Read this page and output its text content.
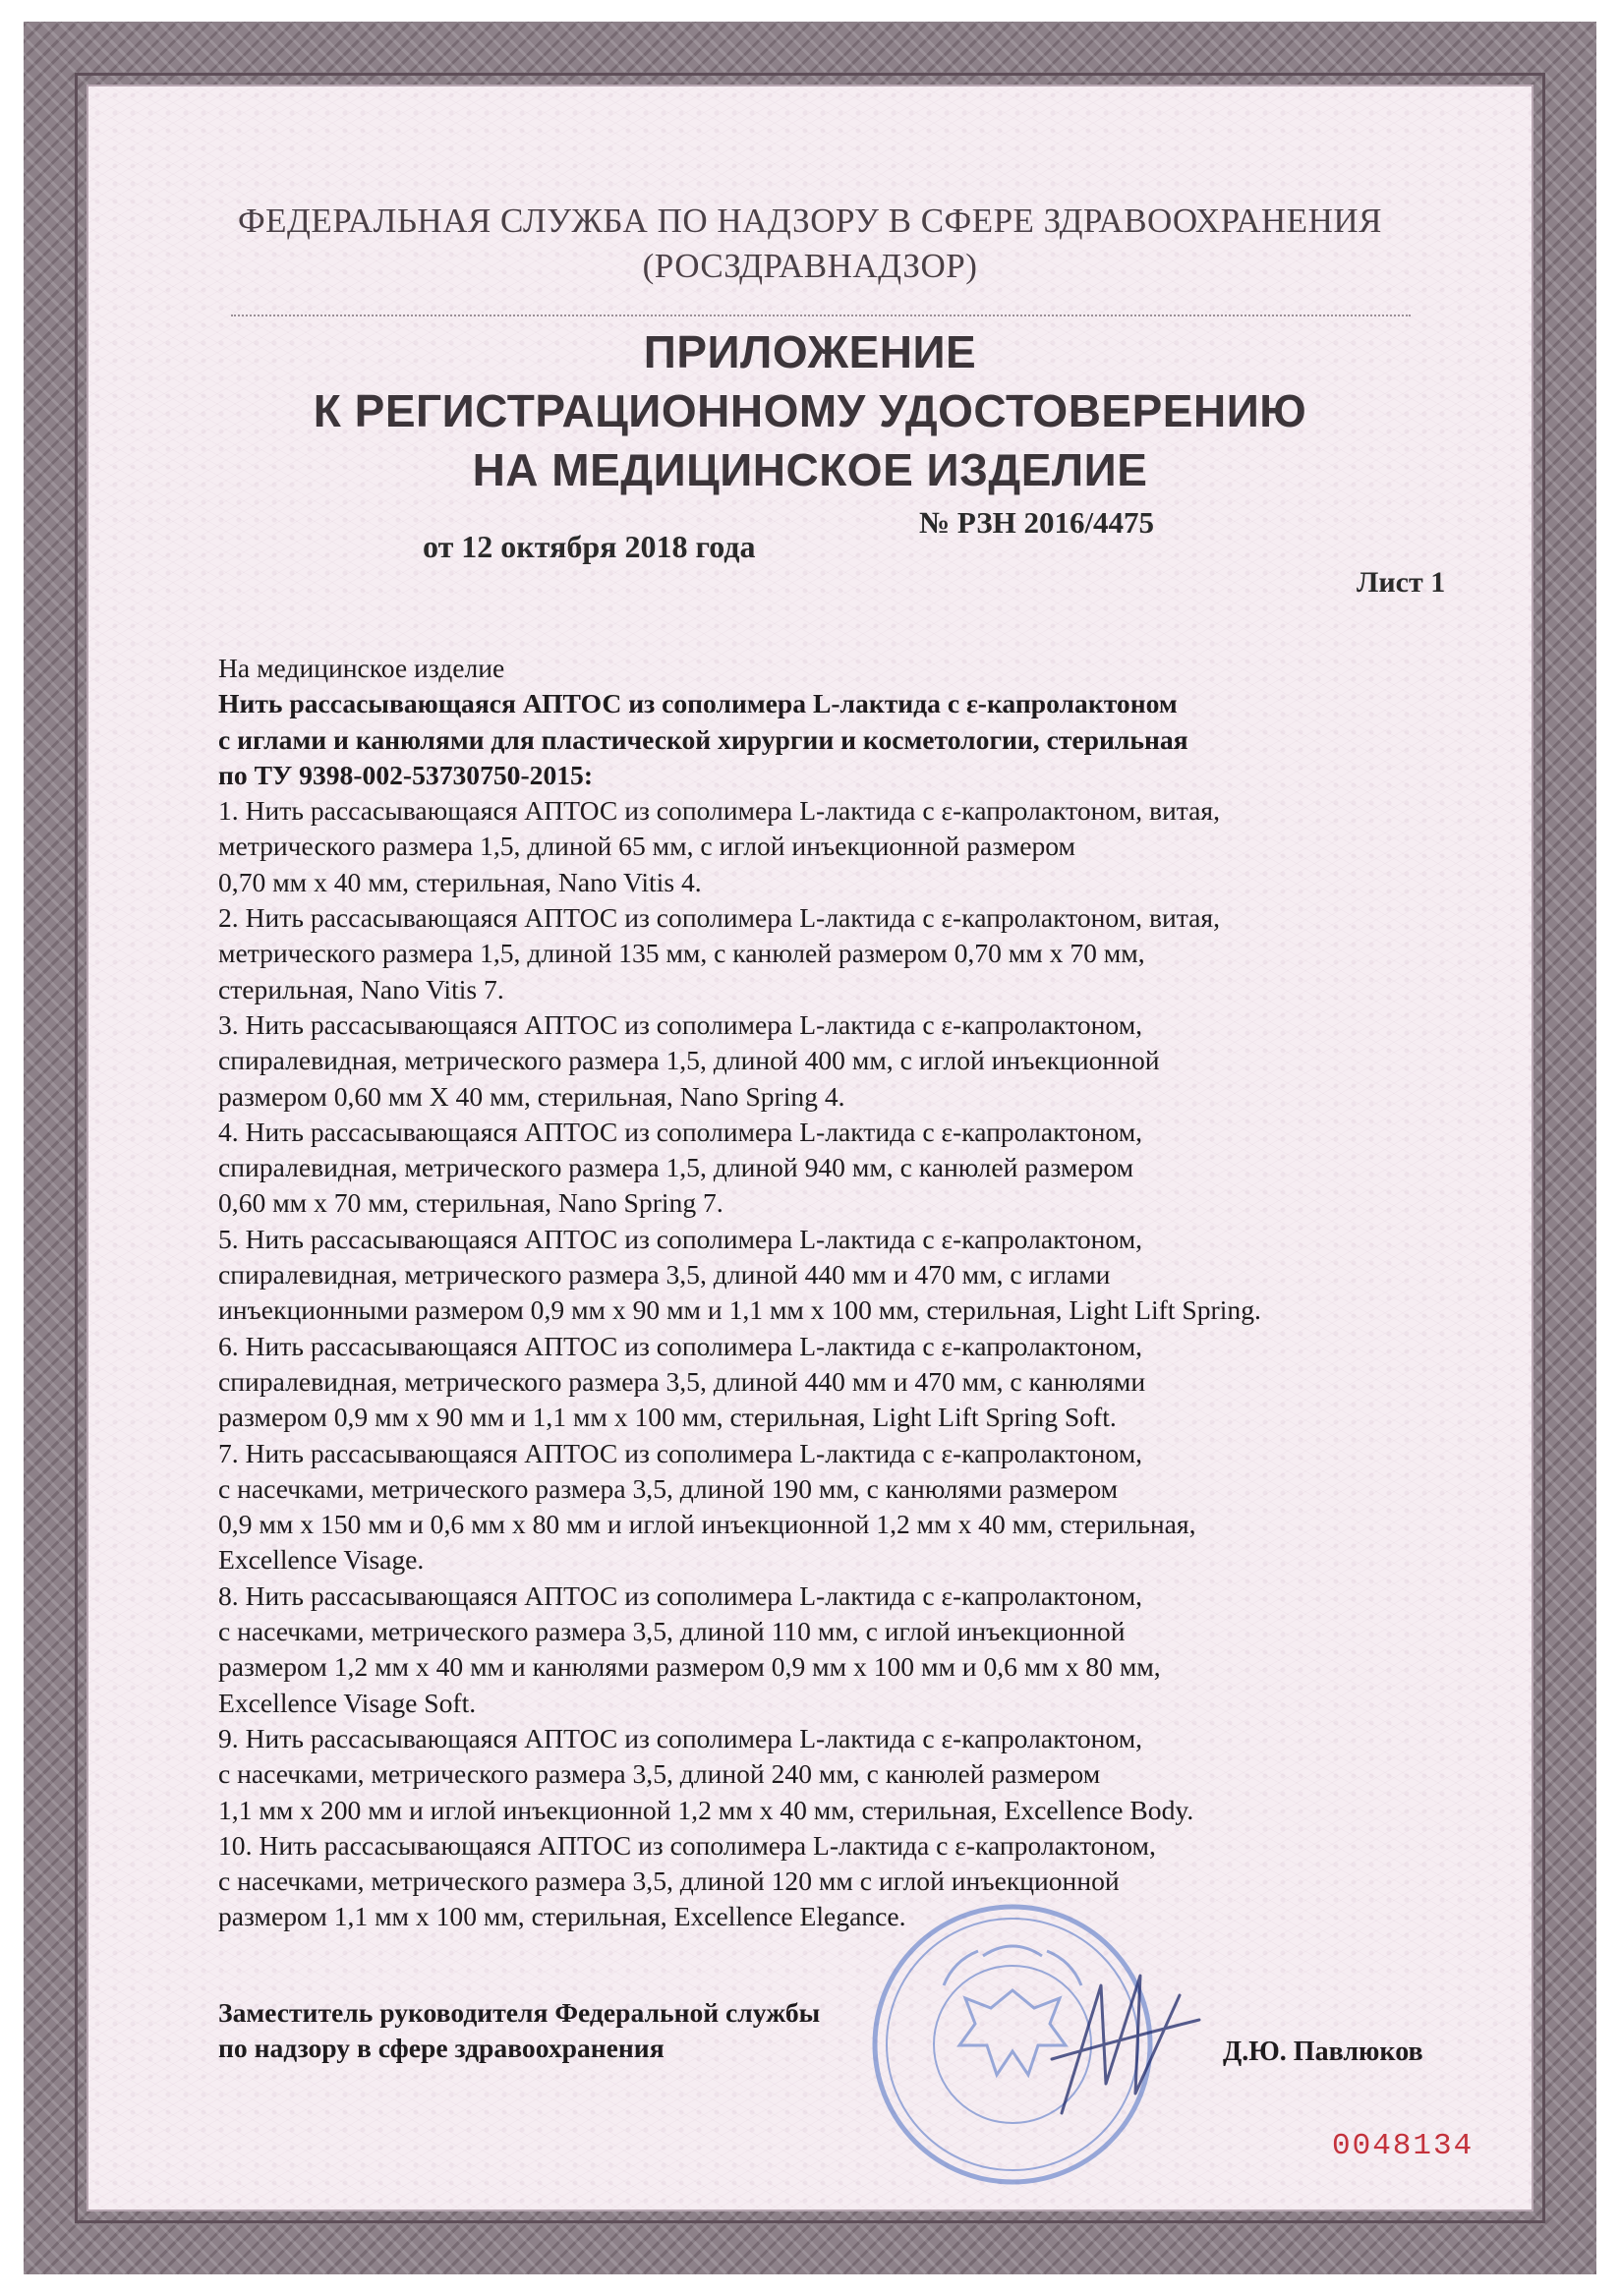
ФЕДЕРАЛЬНАЯ СЛУЖБА ПО НАДЗОРУ В СФЕРЕ ЗДРАВООХРАНЕНИЯ
(РОСЗДРАВНАДЗОР)
ПРИЛОЖЕНИЕ
К РЕГИСТРАЦИОННОМУ УДОСТОВЕРЕНИЮ
НА МЕДИЦИНСКОЕ ИЗДЕЛИЕ
№ РЗН 2016/4475
от 12 октября 2018 года
Лист 1
На медицинское изделие
Нить рассасывающаяся АПТОС из сополимера L-лактида с ε-капролактоном
с иглами и канюлями для пластической хирургии и косметологии, стерильная
по ТУ 9398-002-53730750-2015:
1. Нить рассасывающаяся АПТОС из сополимера L-лактида с ε-капролактоном, витая,
метрического размера 1,5, длиной 65 мм, с иглой инъекционной размером
0,70 мм х 40 мм, стерильная, Nano Vitis 4.
2. Нить рассасывающаяся АПТОС из сополимера L-лактида с ε-капролактоном, витая,
метрического размера 1,5, длиной 135 мм, с канюлей размером 0,70 мм х 70 мм,
стерильная, Nano Vitis 7.
3. Нить рассасывающаяся АПТОС из сополимера L-лактида с ε-капролактоном,
спиралевидная, метрического размера 1,5, длиной 400 мм, с иглой инъекционной
размером 0,60 мм Х 40 мм, стерильная, Nano Spring 4.
4. Нить рассасывающаяся АПТОС из сополимера L-лактида с ε-капролактоном,
спиралевидная, метрического размера 1,5, длиной 940 мм, с канюлей размером
0,60 мм х 70 мм, стерильная, Nano Spring 7.
5. Нить рассасывающаяся АПТОС из сополимера L-лактида с ε-капролактоном,
спиралевидная, метрического размера 3,5, длиной 440 мм и 470 мм, с иглами
инъекционными размером 0,9 мм х 90 мм и 1,1 мм х 100 мм, стерильная, Light Lift Spring.
6. Нить рассасывающаяся АПТОС из сополимера L-лактида с ε-капролактоном,
спиралевидная, метрического размера 3,5, длиной 440 мм и 470 мм, с канюлями
размером 0,9 мм х 90 мм и 1,1 мм х 100 мм, стерильная, Light Lift Spring Soft.
7. Нить рассасывающаяся АПТОС из сополимера L-лактида с ε-капролактоном,
с насечками, метрического размера 3,5, длиной 190 мм, с канюлями размером
0,9 мм х 150 мм и 0,6 мм х 80 мм и иглой инъекционной 1,2 мм х 40 мм, стерильная,
Excellence Visage.
8. Нить рассасывающаяся АПТОС из сополимера L-лактида с ε-капролактоном,
с насечками, метрического размера 3,5, длиной 110 мм, с иглой инъекционной
размером 1,2 мм х 40 мм и канюлями размером 0,9 мм х 100 мм и 0,6 мм х 80 мм,
Excellence Visage Soft.
9. Нить рассасывающаяся АПТОС из сополимера L-лактида с ε-капролактоном,
с насечками, метрического размера 3,5, длиной 240 мм, с канюлей размером
1,1 мм х 200 мм и иглой инъекционной 1,2 мм х 40 мм, стерильная, Excellence Body.
10. Нить рассасывающаяся АПТОС из сополимера L-лактида с ε-капролактоном,
с насечками, метрического размера 3,5, длиной 120 мм с иглой инъекционной
размером 1,1 мм х 100 мм, стерильная, Excellence Elegance.
Заместитель руководителя Федеральной службы
по надзору в сфере здравоохранения	Д.Ю. Павлюков
0048134
